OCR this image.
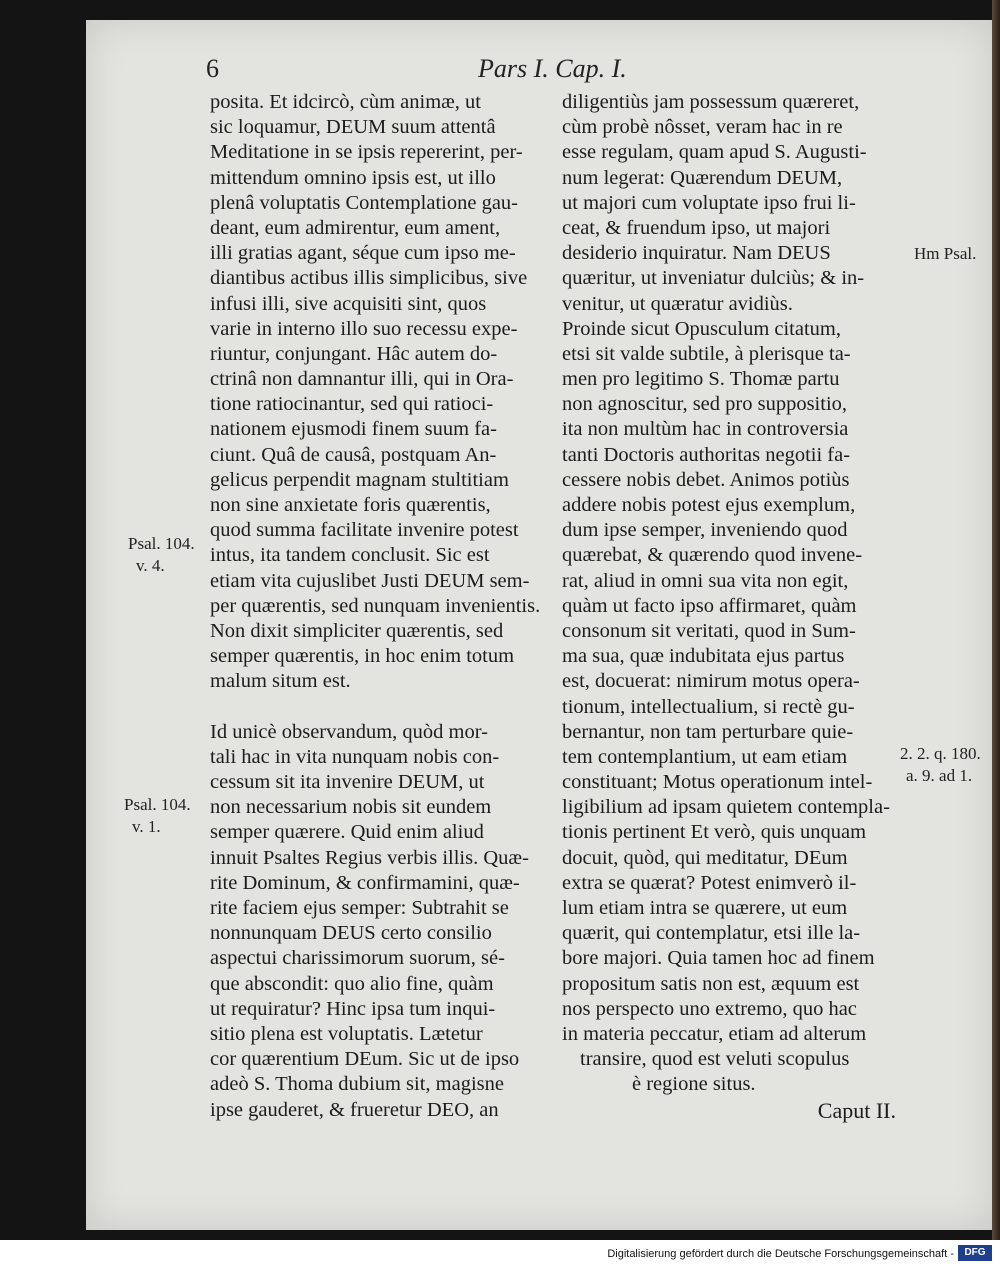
6	Pars I. Cap. I.
posita. Et idcircò, cùm animæ, ut
sic loquamur, DEUM suum attentâ
Meditatione in se ipsis repererint, per-
mittendum omnino ipsis est, ut illo
plenâ voluptatis Contemplatione gau-
deant, eum admirentur, eum ament,
illi gratias agant, séque cum ipso me-
diantibus actibus illis simplicibus, sive
infusi illi, sive acquisiti sint, quos
varie in interno illo suo recessu expe-
riuntur, conjungant. Hâc autem do-
ctrinâ non damnantur illi, qui in Ora-
tione ratiocinantur, sed qui ratioci-
nationem ejusmodi finem suum fa-
ciunt. Quâ de causâ, postquam An-
gelicus perpendit magnam stultitiam
non sine anxietate foris quærentis,
quod summa facilitate invenire potest
intus, ita tandem conclusit. Sic est
etiam vita cujuslibet Justi DEUM sem-
per quærentis, sed nunquam invenientis.
Non dixit simpliciter quærentis, sed
semper quærentis, in hoc enim totum
malum situm est.
Id unicè observandum, quòd mor-
tali hac in vita nunquam nobis con-
cessum sit ita invenire DEUM, ut
non necessarium nobis sit eundem
semper quærere. Quid enim aliud
innuit Psaltes Regius verbis illis. Quæ-
rite Dominum, & confirmamini, quæ-
rite faciem ejus semper: Subtrahit se
nonnunquam DEUS certo consilio
aspectui charissimorum suorum, sé-
que abscondit: quo alio fine, quàm
ut requiratur? Hinc ipsa tum inqui-
sitio plena est voluptatis. Lætetur
cor quærentium DEum. Sic ut de ipso
adeò S. Thoma dubium sit, magisne
ipse gauderet, & frueretur DEO, an
diligentiùs jam possessum quæreret,
cùm probè nôsset, veram hac in re
esse regulam, quam apud S. Augusti-
num legerat: Quærendum DEUM,
ut majori cum voluptate ipso frui li-
ceat, & fruendum ipso, ut majori
desiderio inquiratur. Nam DEUS
quæritur, ut inveniatur dulciùs; & in-
venitur, ut quæratur avidiùs.
Proinde sicut Opusculum citatum,
etsi sit valde subtile, à plerisque ta-
men pro legitimo S. Thomæ partu
non agnoscitur, sed pro suppositio,
ita non multùm hac in controversia
tanti Doctoris authoritas negotii fa-
cessere nobis debet. Animos potiùs
addere nobis potest ejus exemplum,
dum ipse semper, inveniendo quod
quærebat, & quærendo quod invene-
rat, aliud in omni sua vita non egit,
quàm ut facto ipso affirmaret, quàm
consonum sit veritati, quod in Sum-
ma sua, quæ indubitata ejus partus
est, docuerat: nimirum motus opera-
tionum, intellectualium, si rectè gu-
bernantur, non tam perturbare quie-
tem contemplantium, ut eam etiam
constituant; Motus operationum intel-
ligibilium ad ipsam quietem contempla-
tionis pertinent Et verò, quis unquam
docuit, quòd, qui meditatur, DEum
extra se quærat? Potest enimverò il-
lum etiam intra se quærere, ut eum
quærit, qui contemplatur, etsi ille la-
bore majori. Quia tamen hoc ad finem
propositum satis non est, æquum est
nos perspecto uno extremo, quo hac
in materia peccatur, etiam ad alterum
transire, quod est veluti scopulus
è regione situs.
Caput II.
Psal. 104.
v. 4.
Psal. 104.
v. 1.
Hm Psal.
2. 2. q. 180.
a. 9. ad 1.
Digitalisierung gefördert durch die Deutsche Forschungsgemeinschaft -	DFG
